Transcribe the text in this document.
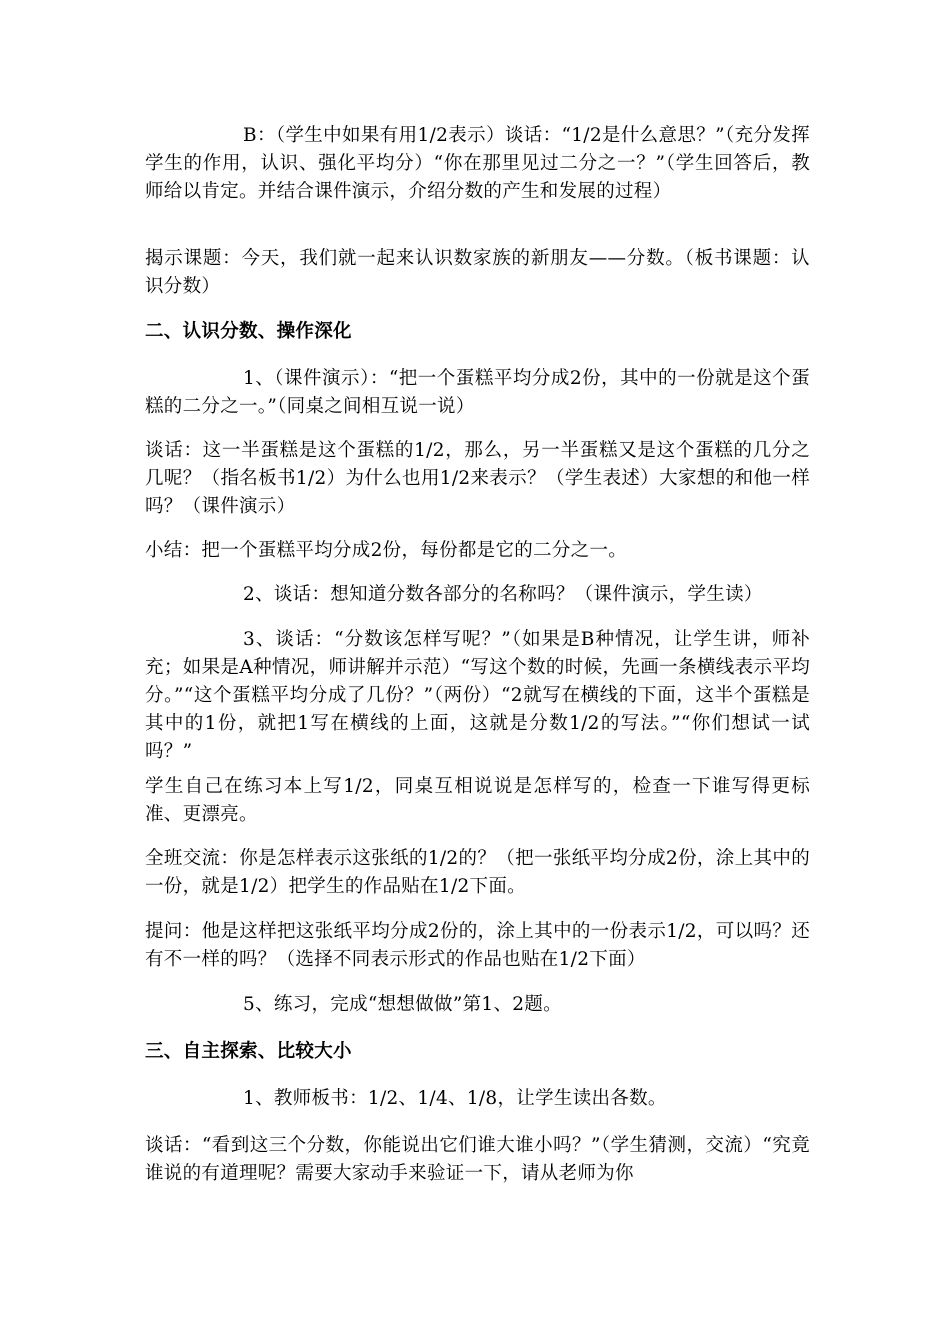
B：（学生中如果有用1/2表示）谈话：“1/2是什么意思？”（充分发挥学生的作用，认识、强化平均分）“你在那里见过二分之一？”（学生回答后，教师给以肯定。并结合课件演示，介绍分数的产生和发展的过程）

揭示课题：今天，我们就一起来认识数家族的新朋友——分数。（板书课题：认识分数）

二、认识分数、操作深化

1、（课件演示）：“把一个蛋糕平均分成2份，其中的一份就是这个蛋糕的二分之一。”（同桌之间相互说一说）

谈话：这一半蛋糕是这个蛋糕的1/2，那么，另一半蛋糕又是这个蛋糕的几分之几呢？（指名板书1/2）为什么也用1/2来表示？（学生表述）大家想的和他一样吗？（课件演示）

小结：把一个蛋糕平均分成2份，每份都是它的二分之一。

2、谈话：想知道分数各部分的名称吗？（课件演示，学生读）

3、谈话：“分数该怎样写呢？”（如果是B种情况，让学生讲，师补充；如果是A种情况，师讲解并示范）“写这个数的时候，先画一条横线表示平均分。”“这个蛋糕平均分成了几份？”（两份）“2就写在横线的下面，这半个蛋糕是其中的1份，就把1写在横线的上面，这就是分数1/2的写法。”“你们想试一试吗？”

学生自己在练习本上写1/2，同桌互相说说是怎样写的，检查一下谁写得更标准、更漂亮。

全班交流：你是怎样表示这张纸的1/2的？（把一张纸平均分成2份，涂上其中的一份，就是1/2）把学生的作品贴在1/2下面。

提问：他是这样把这张纸平均分成2份的，涂上其中的一份表示1/2，可以吗？还有不一样的吗？（选择不同表示形式的作品也贴在1/2下面）

5、练习，完成“想想做做”第1、2题。

三、自主探索、比较大小

1、教师板书：1/2、1/4、1/8，让学生读出各数。

谈话：“看到这三个分数，你能说出它们谁大谁小吗？”（学生猜测，交流）“究竟谁说的有道理呢？需要大家动手来验证一下，请从老师为你
